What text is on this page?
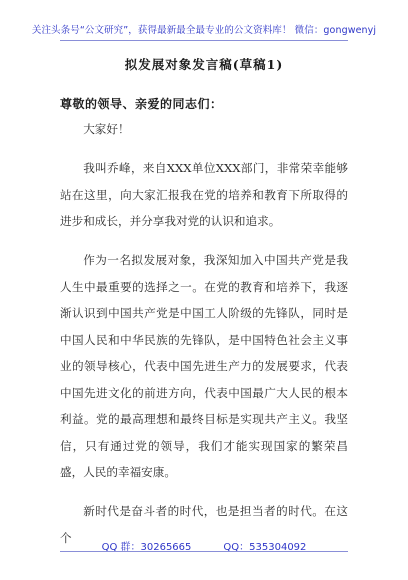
关注头条号“公文研究”，获得最新最全最专业的公文资料库！ 微信：gongwenyj
拟发展对象发言稿(草稿1)
尊敬的领导、亲爱的同志们：

大家好！

我叫乔峰，来自XXX单位XXX部门，非常荣幸能够站在这里，向大家汇报我在党的培养和教育下所取得的进步和成长，并分享我对党的认识和追求。

作为一名拟发展对象，我深知加入中国共产党是我人生中最重要的选择之一。在党的教育和培养下，我逐渐认识到中国共产党是中国工人阶级的先锋队，同时是中国人民和中华民族的先锋队，是中国特色社会主义事业的领导核心，代表中国先进生产力的发展要求，代表中国先进文化的前进方向，代表中国最广大人民的根本利益。党的最高理想和最终目标是实现共产主义。我坚信，只有通过党的领导，我们才能实现国家的繁荣昌盛，人民的幸福安康。

新时代是奋斗者的时代，也是担当者的时代。在这个

QQ 群：30265665	QQ：535304092
